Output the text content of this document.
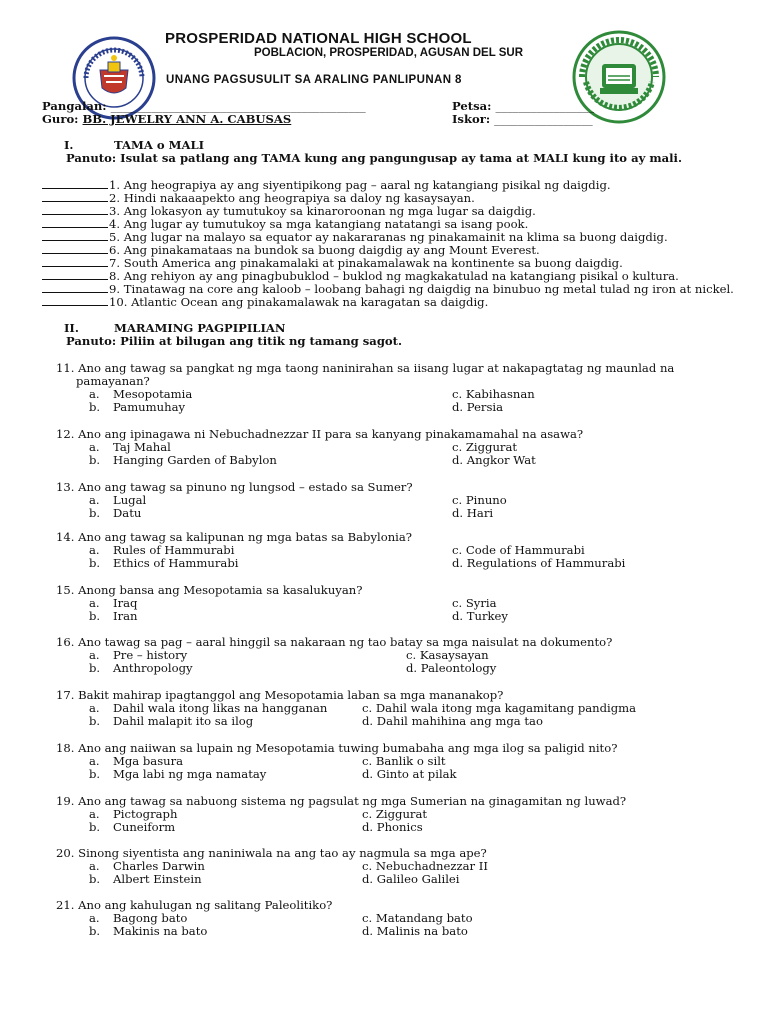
PROSPERIDAD NATIONAL HIGH SCHOOL
POBLACION, PROSPERIDAD, AGUSAN DEL SUR
UNANG PAGSUSULIT SA ARALING PANLIPUNAN 8
Pangalan: ____________________________________________	Petsa: _________________
Guro: BB. JEWELRY ANN A. CABUSAS	Iskor: _________________
I.	TAMA o MALI
Panuto: Isulat sa patlang ang TAMA kung ang pangungusap ay tama at MALI kung ito ay mali.
1. Ang heograpiya ay ang siyentipikong pag – aaral ng katangiang pisikal ng daigdig.
2. Hindi nakaaapekto ang heograpiya sa daloy ng kasaysayan.
3. Ang lokasyon ay tumutukoy sa kinaroroonan ng mga lugar sa daigdig.
4. Ang lugar ay tumutukoy sa mga katangiang natatangi sa isang pook.
5. Ang lugar na malayo sa equator ay nakararanas ng pinakamainit na klima sa buong daigdig.
6. Ang pinakamataas na bundok sa buong daigdig ay ang Mount Everest.
7. South America ang pinakamalaki at pinakamalawak na kontinente sa buong daigdig.
8. Ang rehiyon ay ang pinagbubuklod – buklod ng magkakatulad na katangiang pisikal o kultura.
9. Tinatawag na core ang kaloob – loobang bahagi ng daigdig na binubuo ng metal tulad ng iron at nickel.
10. Atlantic Ocean ang pinakamalawak na karagatan sa daigdig.
II.	MARAMING PAGPIPILIAN
Panuto: Piliin at bilugan ang titik ng tamang sagot.
11. Ano ang tawag sa pangkat ng mga taong naninirahan sa iisang lugar at nakapagtatag ng maunlad na
pamayanan?
a. Mesopotamia	c. Kabihasnan
b. Pamumuhay	d. Persia
12. Ano ang ipinagawa ni Nebuchadnezzar II para sa kanyang pinakamamahal na asawa?
a. Taj Mahal	c. Ziggurat
b. Hanging Garden of Babylon	d. Angkor Wat
13. Ano ang tawag sa pinuno ng lungsod – estado sa Sumer?
a. Lugal	c. Pinuno
b. Datu	d. Hari
14. Ano ang tawag sa kalipunan ng mga batas sa Babylonia?
a. Rules of Hammurabi	c. Code of Hammurabi
b. Ethics of Hammurabi	d. Regulations of Hammurabi
15. Anong bansa ang Mesopotamia sa kasalukuyan?
a. Iraq	c. Syria
b. Iran	d. Turkey
16. Ano tawag sa pag – aaral hinggil sa nakaraan ng tao batay sa mga naisulat na dokumento?
a. Pre – history	c. Kasaysayan
b. Anthropology	d. Paleontology
17. Bakit mahirap ipagtanggol ang Mesopotamia laban sa mga mananakop?
a. Dahil wala itong likas na hangganan	c. Dahil wala itong mga kagamitang pandigma
b. Dahil malapit ito sa ilog	d. Dahil mahihina ang mga tao
18. Ano ang naiiwan sa lupain ng Mesopotamia tuwing bumabaha ang mga ilog sa paligid nito?
a. Mga basura	c. Banlik o silt
b. Mga labi ng mga namatay	d. Ginto at pilak
19. Ano ang tawag sa nabuong sistema ng pagsulat ng mga Sumerian na ginagamitan ng luwad?
a. Pictograph	c. Ziggurat
b. Cuneiform	d. Phonics
20. Sinong siyentista ang naniniwala na ang tao ay nagmula sa mga ape?
a. Charles Darwin	c. Nebuchadnezzar II
b. Albert Einstein	d. Galileo Galilei
21. Ano ang kahulugan ng salitang Paleolitiko?
a. Bagong bato	c. Matandang bato
b. Makinis na bato	d. Malinis na bato
